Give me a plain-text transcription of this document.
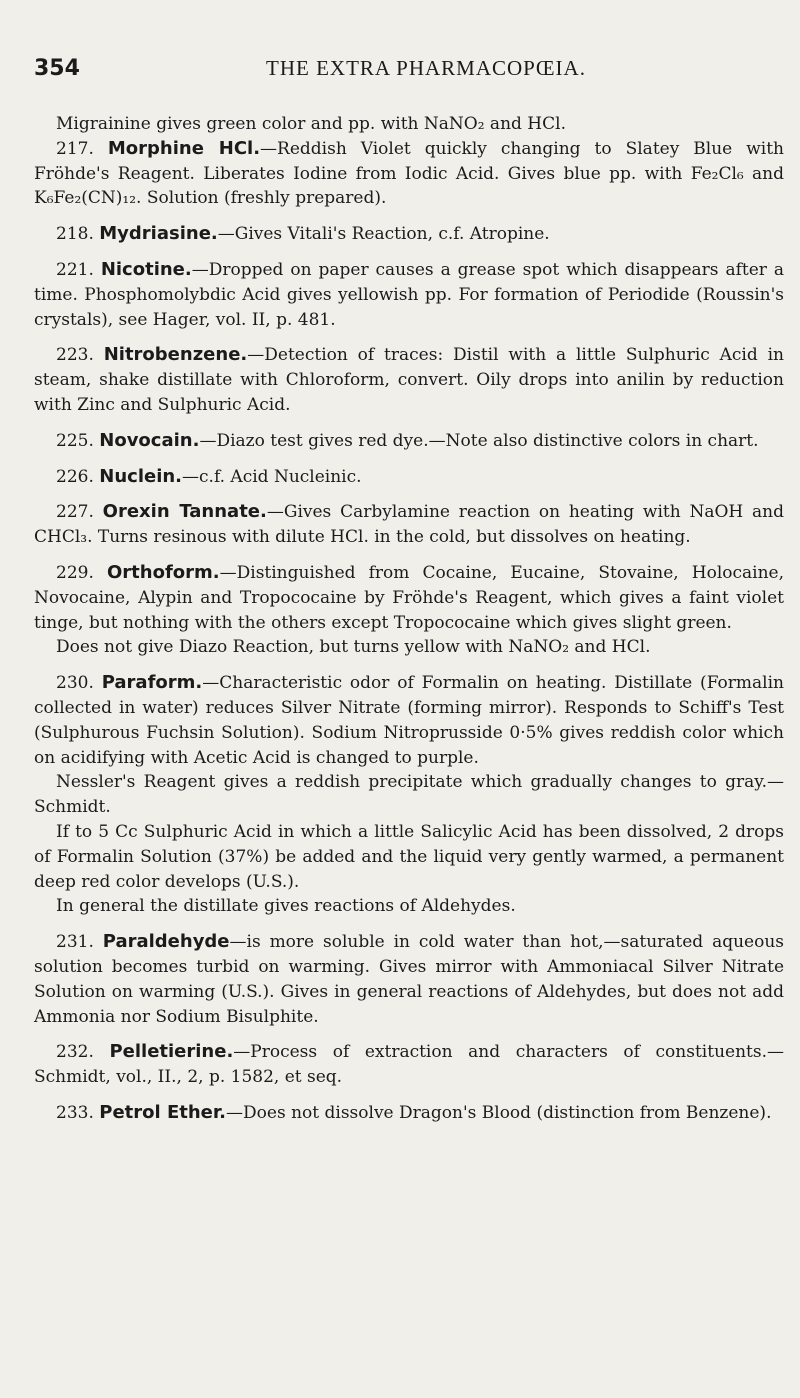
354	THE EXTRA PHARMACOPŒIA.

Migrainine gives green color and pp. with NaNO₂ and HCl.

217. Morphine HCl.—Reddish Violet quickly changing to Slatey Blue with Fröhde's Reagent. Liberates Iodine from Iodic Acid. Gives blue pp. with Fe₂Cl₆ and K₆Fe₂(CN)₁₂. Solution (freshly prepared).

218. Mydriasine.—Gives Vitali's Reaction, c.f. Atropine.

221. Nicotine.—Dropped on paper causes a grease spot which disappears after a time. Phosphomolybdic Acid gives yellowish pp. For formation of Periodide (Roussin's crystals), see Hager, vol. II, p. 481.

223. Nitrobenzene.—Detection of traces: Distil with a little Sulphuric Acid in steam, shake distillate with Chloroform, convert. Oily drops into anilin by reduction with Zinc and Sulphuric Acid.

225. Novocain.—Diazo test gives red dye.—Note also distinctive colors in chart.

226. Nuclein.—c.f. Acid Nucleinic.

227. Orexin Tannate.—Gives Carbylamine reaction on heating with NaOH and CHCl₃. Turns resinous with dilute HCl. in the cold, but dissolves on heating.

229. Orthoform.—Distinguished from Cocaine, Eucaine, Stovaine, Holocaine, Novocaine, Alypin and Tropococaine by Fröhde's Reagent, which gives a faint violet tinge, but nothing with the others except Tropococaine which gives slight green.

Does not give Diazo Reaction, but turns yellow with NaNO₂ and HCl.

230. Paraform.—Characteristic odor of Formalin on heating. Distillate (Formalin collected in water) reduces Silver Nitrate (forming mirror). Responds to Schiff's Test (Sulphurous Fuchsin Solution). Sodium Nitroprusside 0·5% gives reddish color which on acidifying with Acetic Acid is changed to purple.

Nessler's Reagent gives a reddish precipitate which gradually changes to gray.—Schmidt.

If to 5 Cc Sulphuric Acid in which a little Salicylic Acid has been dissolved, 2 drops of Formalin Solution (37%) be added and the liquid very gently warmed, a permanent deep red color develops (U.S.).

In general the distillate gives reactions of Aldehydes.

231. Paraldehyde—is more soluble in cold water than hot,—saturated aqueous solution becomes turbid on warming. Gives mirror with Ammoniacal Silver Nitrate Solution on warming (U.S.). Gives in general reactions of Aldehydes, but does not add Ammonia nor Sodium Bisulphite.

232. Pelletierine.—Process of extraction and characters of constituents.—Schmidt, vol., II., 2, p. 1582, et seq.

233. Petrol Ether.—Does not dissolve Dragon's Blood (distinction from Benzene).
